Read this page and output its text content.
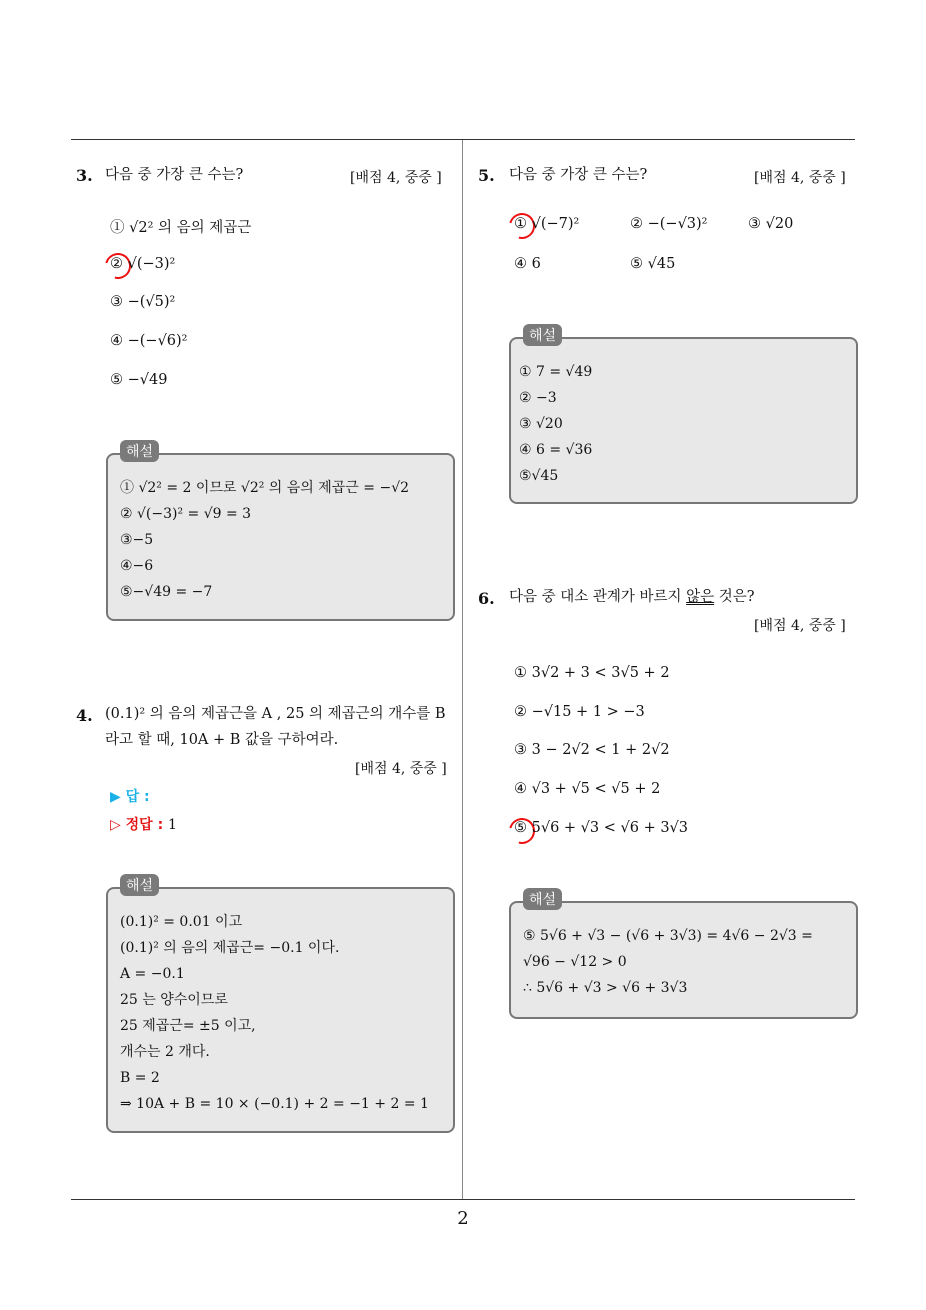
2
3. 다음 중 가장 큰 수는?	[배점 4, 중중 ]
① √2² 의 음의 제곱근
② √(−3)²
③ −(√5)²
④ −(−√6)²
⑤ −√49
해설
① √2² = 2 이므로 √2² 의 음의 제곱근 = −√2
② √(−3)² = √9 = 3
③−5
④−6
⑤−√49 = −7
4. (0.1)² 의 음의 제곱근을 A , 25 의 제곱근의 개수를 B
라고 할 때, 10A + B 값을 구하여라.
[배점 4, 중중 ]
▶ 답 :
▷ 정답 : 1
해설
(0.1)² = 0.01 이고
(0.1)² 의 음의 제곱근= −0.1 이다.
A = −0.1
25 는 양수이므로
25 제곱근= ±5 이고,
개수는 2 개다.
B = 2
⇒ 10A + B = 10 × (−0.1) + 2 = −1 + 2 = 1
5. 다음 중 가장 큰 수는?	[배점 4, 중중 ]
① √(−7)²	② −(−√3)²	③ √20
④ 6	⑤ √45
해설
① 7 = √49
② −3
③ √20
④ 6 = √36
⑤√45
6. 다음 중 대소 관계가 바르지 않은 것은?
[배점 4, 중중 ]
① 3√2 + 3 < 3√5 + 2
② −√15 + 1 > −3
③ 3 − 2√2 < 1 + 2√2
④ √3 + √5 < √5 + 2
⑤ 5√6 + √3 < √6 + 3√3
해설
⑤ 5√6 + √3 − (√6 + 3√3) = 4√6 − 2√3 =
√96 − √12 > 0
∴ 5√6 + √3 > √6 + 3√3
